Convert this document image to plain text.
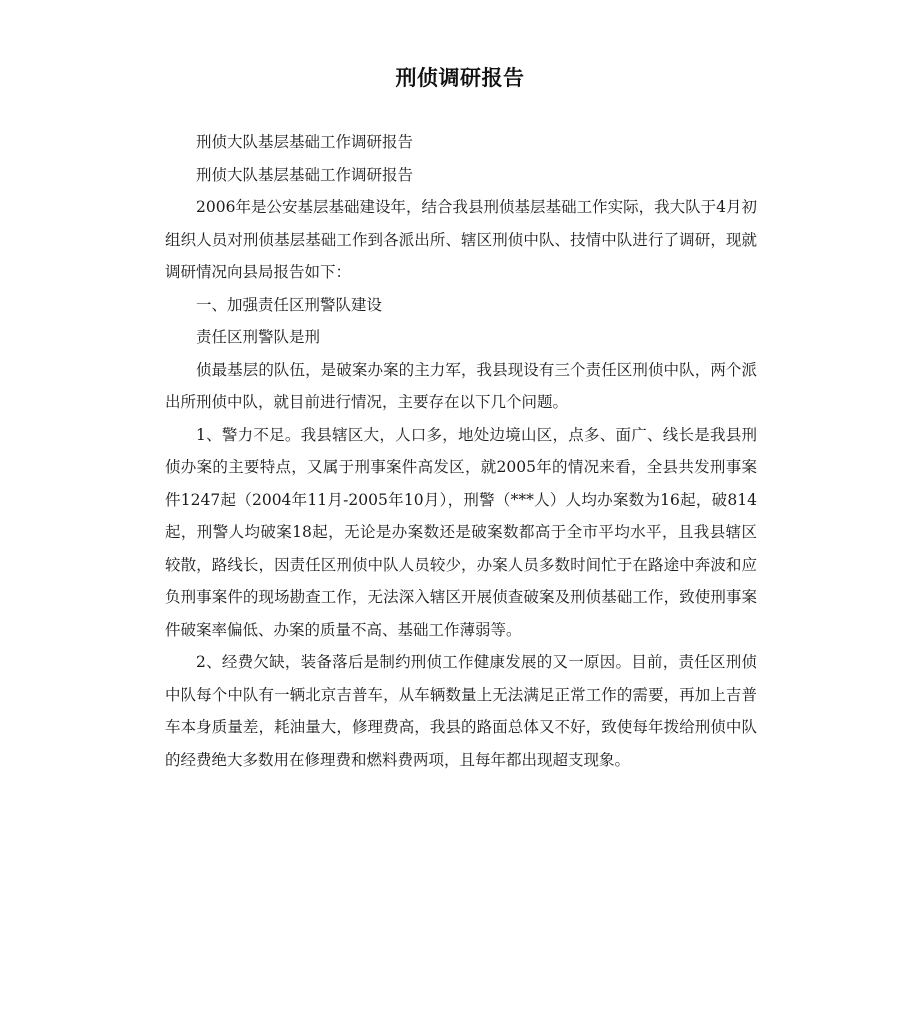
刑侦调研报告

刑侦大队基层基础工作调研报告

刑侦大队基层基础工作调研报告

2006年是公安基层基础建设年，结合我县刑侦基层基础工作实际，我大队于4月初组织人员对刑侦基层基础工作到各派出所、辖区刑侦中队、技情中队进行了调研，现就调研情况向县局报告如下：

一、加强责任区刑警队建设

责任区刑警队是刑

侦最基层的队伍，是破案办案的主力军，我县现设有三个责任区刑侦中队，两个派出所刑侦中队，就目前进行情况，主要存在以下几个问题。

1、警力不足。我县辖区大，人口多，地处边境山区，点多、面广、线长是我县刑侦办案的主要特点，又属于刑事案件高发区，就2005年的情况来看，全县共发刑事案件1247起（2004年11月-2005年10月），刑警（***人）人均办案数为16起，破814起，刑警人均破案18起，无论是办案数还是破案数都高于全市平均水平，且我县辖区较散，路线长，因责任区刑侦中队人员较少，办案人员多数时间忙于在路途中奔波和应负刑事案件的现场勘查工作，无法深入辖区开展侦查破案及刑侦基础工作，致使刑事案件破案率偏低、办案的质量不高、基础工作薄弱等。

2、经费欠缺，装备落后是制约刑侦工作健康发展的又一原因。目前，责任区刑侦中队每个中队有一辆北京吉普车，从车辆数量上无法满足正常工作的需要，再加上吉普车本身质量差，耗油量大，修理费高，我县的路面总体又不好，致使每年拨给刑侦中队的经费绝大多数用在修理费和燃料费两项，且每年都出现超支现象。
